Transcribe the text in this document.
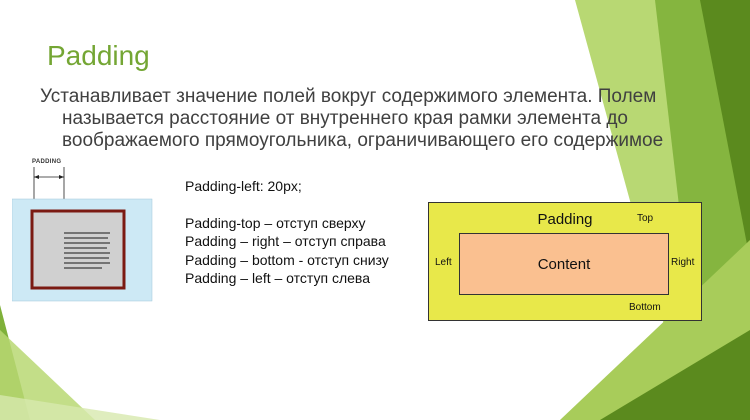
Padding

Устанавливает значение полей вокруг содержимого элемента. Полем
называется расстояние от внутреннего края рамки элемента до
воображаемого прямоугольника, ограничивающего его содержимое

PADDING
Padding-left: 20px;
Padding-top – отступ сверху
Padding – right – отступ справа
Padding – bottom - отступ снизу
Padding – left – отступ слева
Padding	Top
Left	Right
Bottom
Content
